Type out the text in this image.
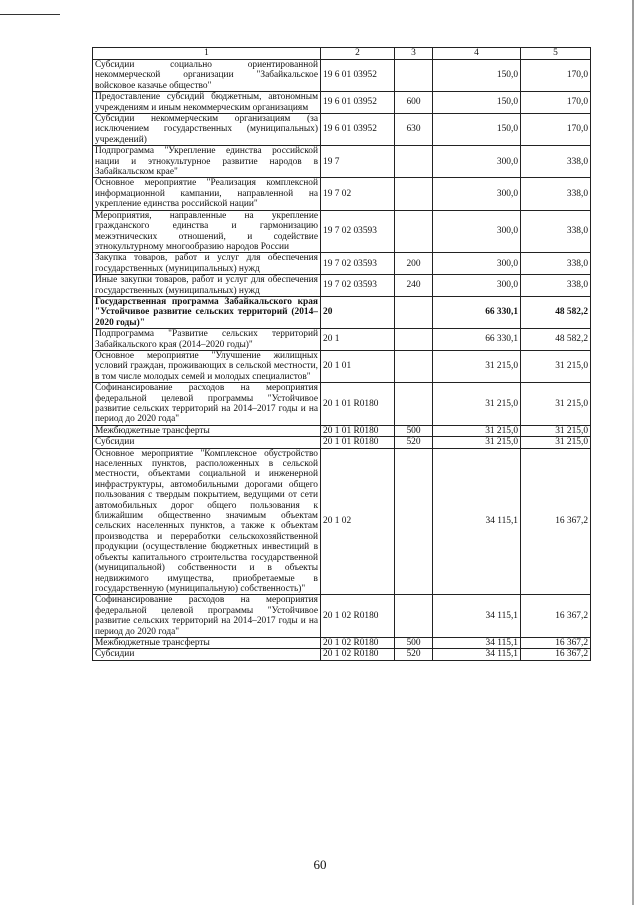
1	2	3	4	5
Субсидии социально ориентированной некоммерческой организации "Забайкальское войсковое казачье общество"	19 6 01 03952		150,0	170,0
Предоставление субсидий бюджетным, автономным учреждениям и иным некоммерческим организациям	19 6 01 03952	600	150,0	170,0
Субсидии некоммерческим организациям (за исключением государственных (муниципальных) учреждений)	19 6 01 03952	630	150,0	170,0
Подпрограмма "Укрепление единства российской нации и этнокультурное развитие народов в Забайкальском крае"	19 7		300,0	338,0
Основное мероприятие "Реализация комплексной информационной кампании, направленной на укрепление единства российской нации"	19 7 02		300,0	338,0
Мероприятия, направленные на укрепление гражданского единства и гармонизацию межэтнических отношений, и содействие этнокультурному многообразию народов России	19 7 02 03593		300,0	338,0
Закупка товаров, работ и услуг для обеспечения государственных (муниципальных) нужд	19 7 02 03593	200	300,0	338,0
Иные закупки товаров, работ и услуг для обеспечения государственных (муниципальных) нужд	19 7 02 03593	240	300,0	338,0
Государственная программа Забайкальского края "Устойчивое развитие сельских территорий (2014–2020 годы)"	20		66 330,1	48 582,2
Подпрограмма "Развитие сельских территорий Забайкальского края (2014–2020 годы)"	20 1		66 330,1	48 582,2
Основное мероприятие "Улучшение жилищных условий граждан, проживающих в сельской местности, в том числе молодых семей и молодых специалистов"	20 1 01		31 215,0	31 215,0
Софинансирование расходов на мероприятия федеральной целевой программы "Устойчивое развитие сельских территорий на 2014–2017 годы и на период до 2020 года"	20 1 01 R0180		31 215,0	31 215,0
Межбюджетные трансферты	20 1 01 R0180	500	31 215,0	31 215,0
Субсидии	20 1 01 R0180	520	31 215,0	31 215,0
Основное мероприятие "Комплексное обустройство населенных пунктов, расположенных в сельской местности, объектами социальной и инженерной инфраструктуры, автомобильными дорогами общего пользования с твердым покрытием, ведущими от сети автомобильных дорог общего пользования к ближайшим общественно значимым объектам сельских населенных пунктов, а также к объектам производства и переработки сельскохозяйственной продукции (осуществление бюджетных инвестиций в объекты капитального строительства государственной (муниципальной) собственности и в объекты недвижимого имущества, приобретаемые в государственную (муниципальную) собственность)"	20 1 02		34 115,1	16 367,2
Софинансирование расходов на мероприятия федеральной целевой программы "Устойчивое развитие сельских территорий на 2014–2017 годы и на период до 2020 года"	20 1 02 R0180		34 115,1	16 367,2
Межбюджетные трансферты	20 1 02 R0180	500	34 115,1	16 367,2
Субсидии	20 1 02 R0180	520	34 115,1	16 367,2
60
